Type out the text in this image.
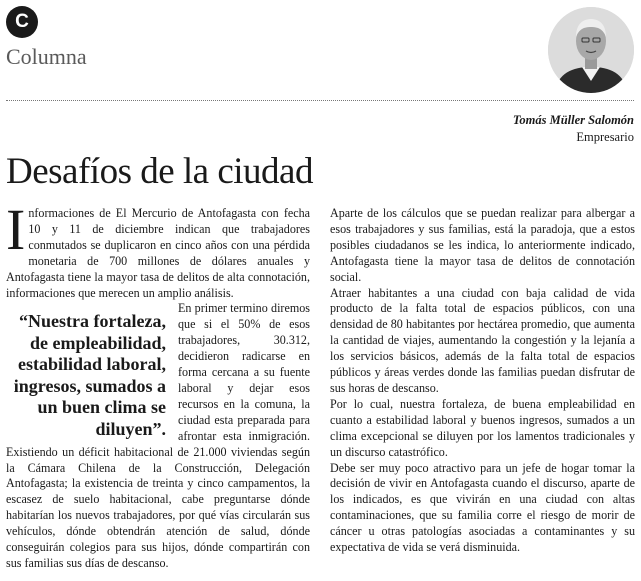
C
Columna
Tomás Müller Salomón
Empresario
Desafíos de la ciudad

Informaciones de El Mercurio de Antofagasta con fecha 10 y 11 de diciembre indican que trabajadores conmutados se duplicaron en cinco años con una pérdida monetaria de 700 millones de dólares anuales y Antofagasta tiene la mayor tasa de delitos de alta connotación, informaciones que merecen un amplio análisis.

“Nuestra fortaleza, de empleabilidad, estabilidad laboral, ingresos, sumados a un buen clima se diluyen”.
En primer termino diremos que si el 50% de esos trabajadores, 30.312, decidieron radicarse en forma cercana a su fuente laboral y dejar esos recursos en la comuna, la ciudad esta preparada para afrontar esta inmigración. Existiendo un déficit habitacional de 21.000 viviendas según la Cámara Chilena de la Construcción, Delegación Antofagasta; la existencia de treinta y cinco campamentos, la escasez de suelo habitacional, cabe preguntarse dónde habitarían los nuevos trabajadores, por qué vías circularán sus vehículos, dónde obtendrán atención de salud, dónde conseguirán colegios para sus hijos, dónde compartirán con sus familias sus días de descanso.

Aparte de los cálculos que se puedan realizar para albergar a esos trabajadores y sus familias, está la paradoja, que a estos posibles ciudadanos se les indica, lo anteriormente indicado, Antofagasta tiene la mayor tasa de delitos de connotación social.

Atraer habitantes a una ciudad con baja calidad de vida producto de la falta total de espacios públicos, con una densidad de 80 habitantes por hectárea promedio, que aumenta la cantidad de viajes, aumentando la congestión y la lejanía a los servicios básicos, además de la falta total de espacios públicos y áreas verdes donde las familias puedan disfrutar de sus horas de descanso.

Por lo cual, nuestra fortaleza, de buena empleabilidad en cuanto a estabilidad laboral y buenos ingresos, sumados a un clima excepcional se diluyen por los lamentos tradicionales y un discurso catastrófico.

Debe ser muy poco atractivo para un jefe de hogar tomar la decisión de vivir en Antofagasta cuando el discurso, aparte de los indicados, es que vivirán en una ciudad con altas contaminaciones, que su familia corre el riesgo de morir de cáncer u otras patologías asociadas a contaminantes y su expectativa de vida se verá disminuida.
